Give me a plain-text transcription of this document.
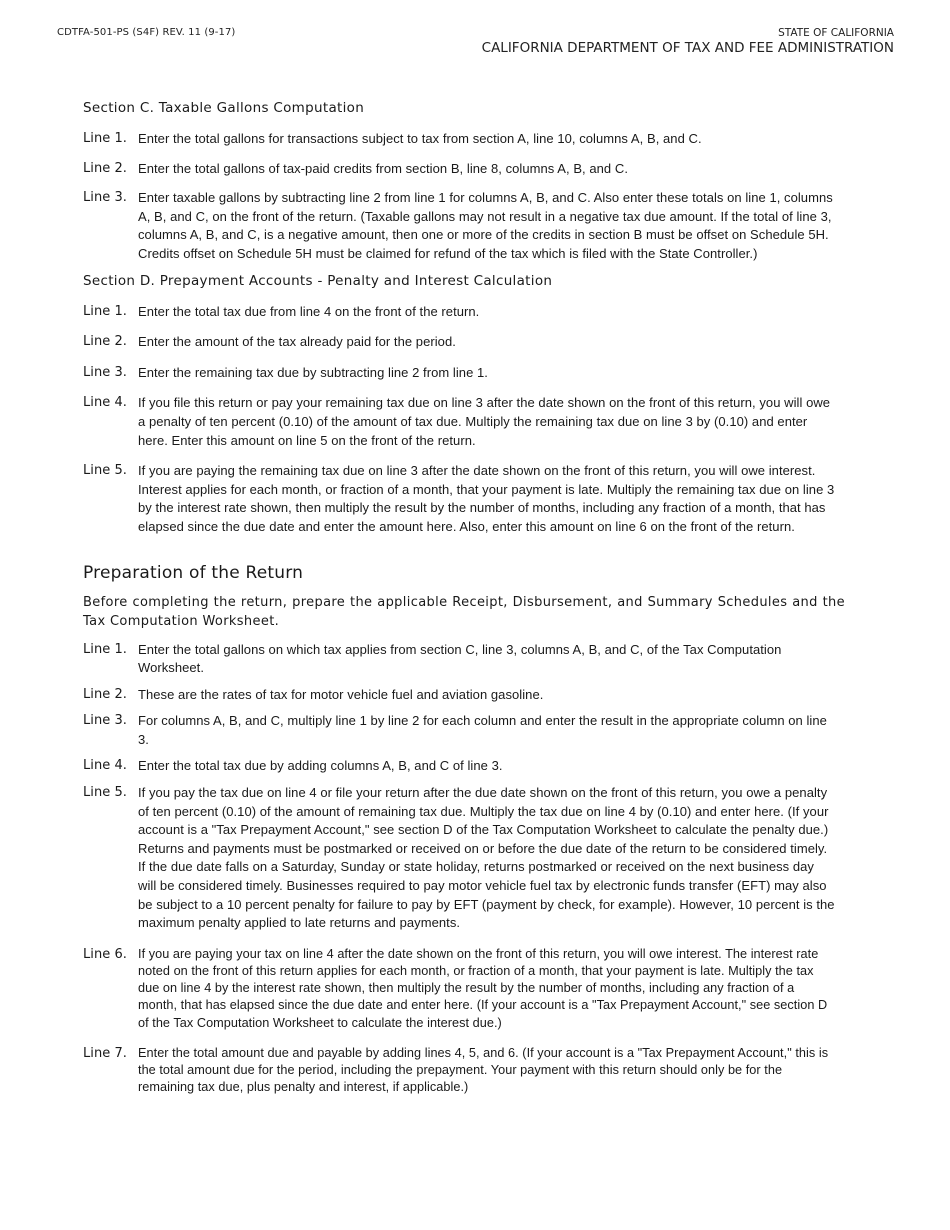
CDTFA-501-PS (S4F) REV. 11 (9-17)	STATE OF CALIFORNIA
CALIFORNIA DEPARTMENT OF TAX AND FEE ADMINISTRATION
Section C. Taxable Gallons Computation
Line 1. Enter the total gallons for transactions subject to tax from section A, line 10, columns A, B, and C.
Line 2. Enter the total gallons of tax-paid credits from section B, line 8, columns A, B, and C.
Line 3. Enter taxable gallons by subtracting line 2 from line 1 for columns A, B, and C. Also enter these totals on line 1, columns A, B, and C, on the front of the return. (Taxable gallons may not result in a negative tax due amount. If the total of line 3, columns A, B, and C, is a negative amount, then one or more of the credits in section B must be offset on Schedule 5H. Credits offset on Schedule 5H must be claimed for refund of the tax which is filed with the State Controller.)
Section D. Prepayment Accounts - Penalty and Interest Calculation
Line 1. Enter the total tax due from line 4 on the front of the return.
Line 2. Enter the amount of the tax already paid for the period.
Line 3. Enter the remaining tax due by subtracting line 2 from line 1.
Line 4. If you file this return or pay your remaining tax due on line 3 after the date shown on the front of this return, you will owe a penalty of ten percent (0.10) of the amount of tax due. Multiply the remaining tax due on line 3 by (0.10) and enter here. Enter this amount on line 5 on the front of the return.
Line 5. If you are paying the remaining tax due on line 3 after the date shown on the front of this return, you will owe interest. Interest applies for each month, or fraction of a month, that your payment is late. Multiply the remaining tax due on line 3 by the interest rate shown, then multiply the result by the number of months, including any fraction of a month, that has elapsed since the due date and enter the amount here. Also, enter this amount on line 6 on the front of the return.
Preparation of the Return
Before completing the return, prepare the applicable Receipt, Disbursement, and Summary Schedules and the Tax Computation Worksheet.
Line 1. Enter the total gallons on which tax applies from section C, line 3, columns A, B, and C, of the Tax Computation Worksheet.
Line 2. These are the rates of tax for motor vehicle fuel and aviation gasoline.
Line 3. For columns A, B, and C, multiply line 1 by line 2 for each column and enter the result in the appropriate column on line 3.
Line 4. Enter the total tax due by adding columns A, B, and C of line 3.
Line 5. If you pay the tax due on line 4 or file your return after the due date shown on the front of this return, you owe a penalty of ten percent (0.10) of the amount of remaining tax due. Multiply the tax due on line 4 by (0.10) and enter here. (If your account is a "Tax Prepayment Account," see section D of the Tax Computation Worksheet to calculate the penalty due.) Returns and payments must be postmarked or received on or before the due date of the return to be considered timely. If the due date falls on a Saturday, Sunday or state holiday, returns postmarked or received on the next business day will be considered timely. Businesses required to pay motor vehicle fuel tax by electronic funds transfer (EFT) may also be subject to a 10 percent penalty for failure to pay by EFT (payment by check, for example). However, 10 percent is the maximum penalty applied to late returns and payments.
Line 6. If you are paying your tax on line 4 after the date shown on the front of this return, you will owe interest. The interest rate noted on the front of this return applies for each month, or fraction of a month, that your payment is late. Multiply the tax due on line 4 by the interest rate shown, then multiply the result by the number of months, including any fraction of a month, that has elapsed since the due date and enter here. (If your account is a "Tax Prepayment Account," see section D of the Tax Computation Worksheet to calculate the interest due.)
Line 7. Enter the total amount due and payable by adding lines 4, 5, and 6. (If your account is a "Tax Prepayment Account," this is the total amount due for the period, including the prepayment. Your payment with this return should only be for the remaining tax due, plus penalty and interest, if applicable.)
